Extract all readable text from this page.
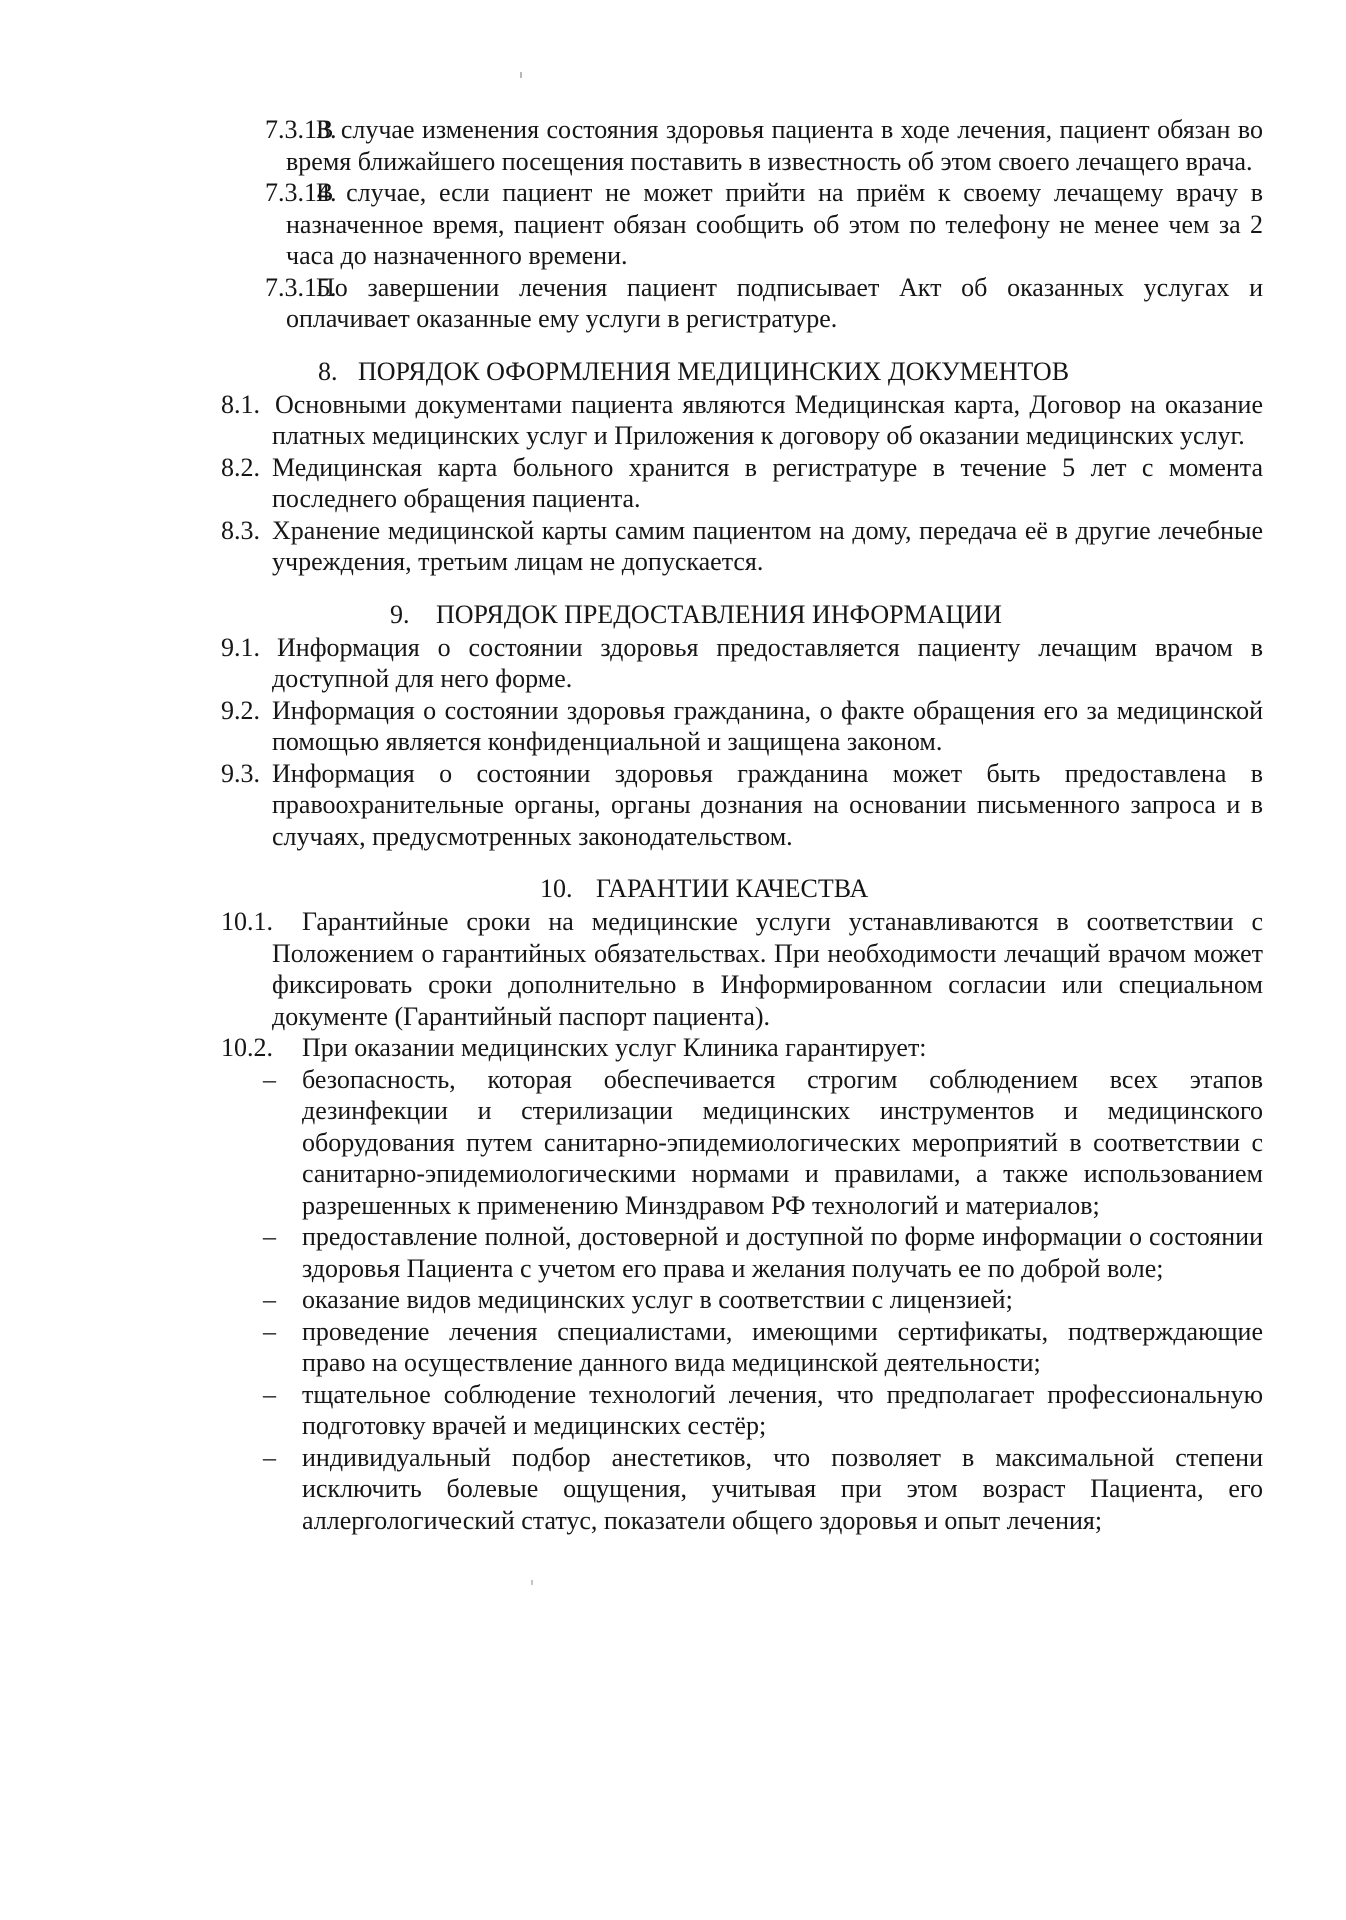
7.3.13.
В случае изменения состояния здоровья пациента в ходе лечения, пациент обязан во время ближайшего посещения поставить в известность об этом своего лечащего врача.
7.3.14.
В случае, если пациент не может прийти на приём к своему лечащему врачу в назначенное время, пациент обязан сообщить об этом по телефону не менее чем за 2 часа до назначенного времени.
7.3.15.
По завершении лечения пациент подписывает Акт об оказанных услугах и оплачивает оказанные ему услуги в регистратуре.
8. ПОРЯДОК ОФОРМЛЕНИЯ МЕДИЦИНСКИХ ДОКУМЕНТОВ
8.1. Основными документами пациента являются Медицинская карта, Договор на оказание платных медицинских услуг и Приложения к договору об оказании медицинских услуг.
8.2. Медицинская карта больного хранится в регистратуре в течение 5 лет с момента последнего обращения пациента.
8.3. Хранение медицинской карты самим пациентом на дому, передача её в другие лечебные учреждения, третьим лицам не допускается.
9. ПОРЯДОК ПРЕДОСТАВЛЕНИЯ ИНФОРМАЦИИ
9.1. Информация о состоянии здоровья предоставляется пациенту лечащим врачом в доступной для него форме.
9.2. Информация о состоянии здоровья гражданина, о факте обращения его за медицинской помощью является конфиденциальной и защищена законом.
9.3. Информация о состоянии здоровья гражданина может быть предоставлена в правоохранительные органы, органы дознания на основании письменного запроса и в случаях, предусмотренных законодательством.
10. ГАРАНТИИ КАЧЕСТВА
10.1.	Гарантийные сроки на медицинские услуги устанавливаются в соответствии с Положением о гарантийных обязательствах. При необходимости лечащий врачом может фиксировать сроки дополнительно в Информированном согласии или специальном документе (Гарантийный паспорт пациента).
10.2.	При оказании медицинских услуг Клиника гарантирует:
– безопасность, которая обеспечивается строгим соблюдением всех этапов дезинфекции и стерилизации медицинских инструментов и медицинского оборудования путем санитарно-эпидемиологических мероприятий в соответствии с санитарно-эпидемиологическими нормами и правилами, а также использованием разрешенных к применению Минздравом РФ технологий и материалов;
– предоставление полной, достоверной и доступной по форме информации о состоянии здоровья Пациента с учетом его права и желания получать ее по доброй воле;
– оказание видов медицинских услуг в соответствии с лицензией;
– проведение лечения специалистами, имеющими сертификаты, подтверждающие право на осуществление данного вида медицинской деятельности;
– тщательное соблюдение технологий лечения, что предполагает профессиональную подготовку врачей и медицинских сестёр;
– индивидуальный подбор анестетиков, что позволяет в максимальной степени исключить болевые ощущения, учитывая при этом возраст Пациента, его аллергологический статус, показатели общего здоровья и опыт лечения;
